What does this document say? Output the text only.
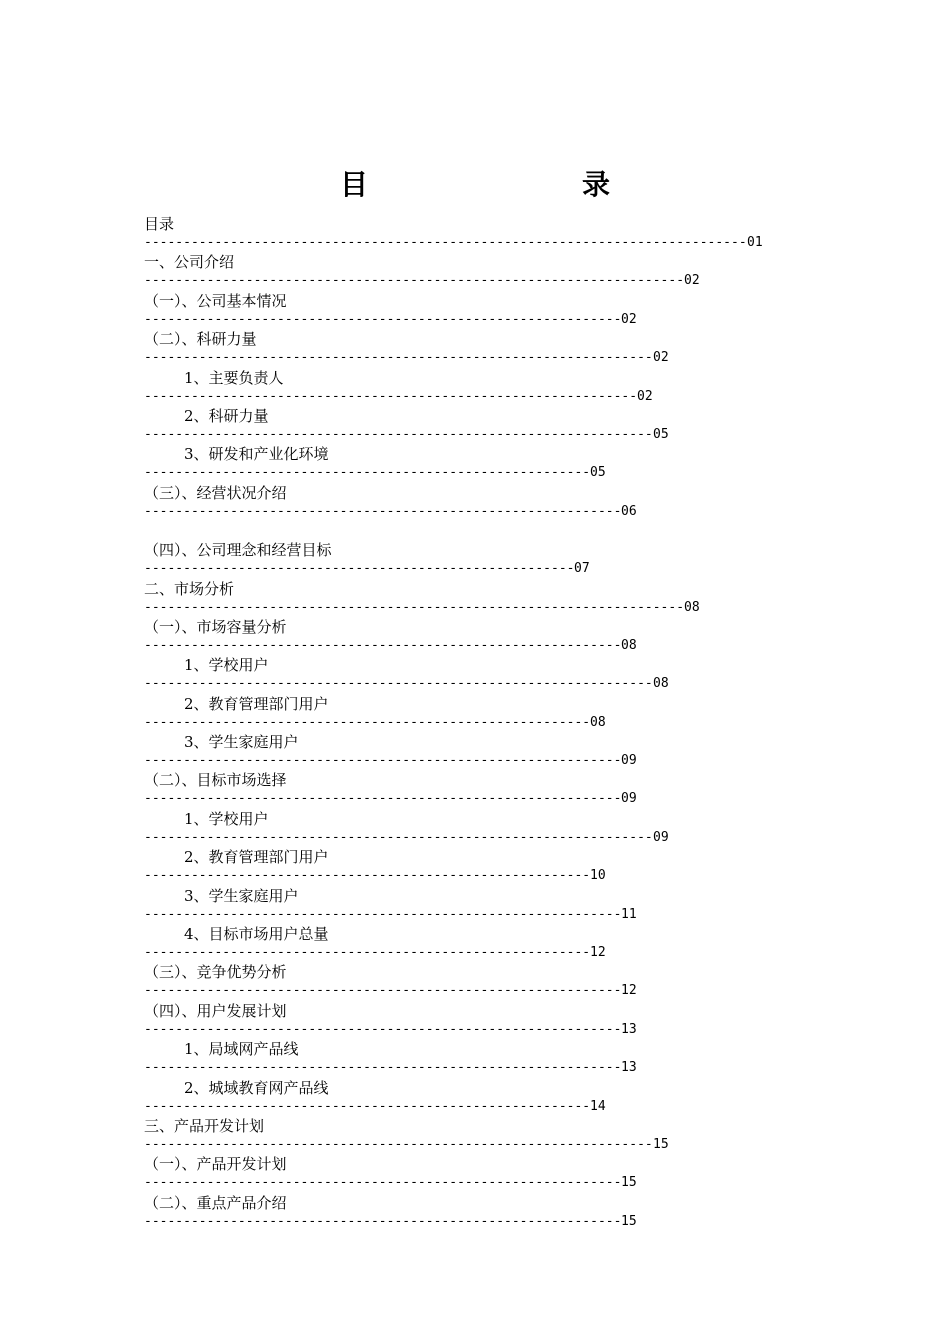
目	录
目录
----------------------------------------------------------------------------- 01
一、公司介绍
--------------------------------------------------------------------- 02
（一）、公司基本情况
------------------------------------------------------------- 02
（二）、科研力量
----------------------------------------------------------------- 02
1、主要负责人
--------------------------------------------------------------- 02
2、科研力量
----------------------------------------------------------------- 05
3、研发和产业化环境
--------------------------------------------------------- 05
（三）、经营状况介绍
------------------------------------------------------------- 06
（四）、公司理念和经营目标
------------------------------------------------------- 07
二、市场分析
--------------------------------------------------------------------- 08
（一）、市场容量分析
------------------------------------------------------------- 08
1、学校用户
----------------------------------------------------------------- 08
2、教育管理部门用户
--------------------------------------------------------- 08
3、学生家庭用户
------------------------------------------------------------- 09
（二）、目标市场选择
------------------------------------------------------------- 09
1、学校用户
----------------------------------------------------------------- 09
2、教育管理部门用户
--------------------------------------------------------- 10
3、学生家庭用户
------------------------------------------------------------- 11
4、目标市场用户总量
--------------------------------------------------------- 12
（三）、竞争优势分析
------------------------------------------------------------- 12
（四）、用户发展计划
------------------------------------------------------------- 13
1、局域网产品线
------------------------------------------------------------- 13
2、城域教育网产品线
--------------------------------------------------------- 14
三、产品开发计划
----------------------------------------------------------------- 15
（一）、产品开发计划
------------------------------------------------------------- 15
（二）、重点产品介绍
------------------------------------------------------------- 15
